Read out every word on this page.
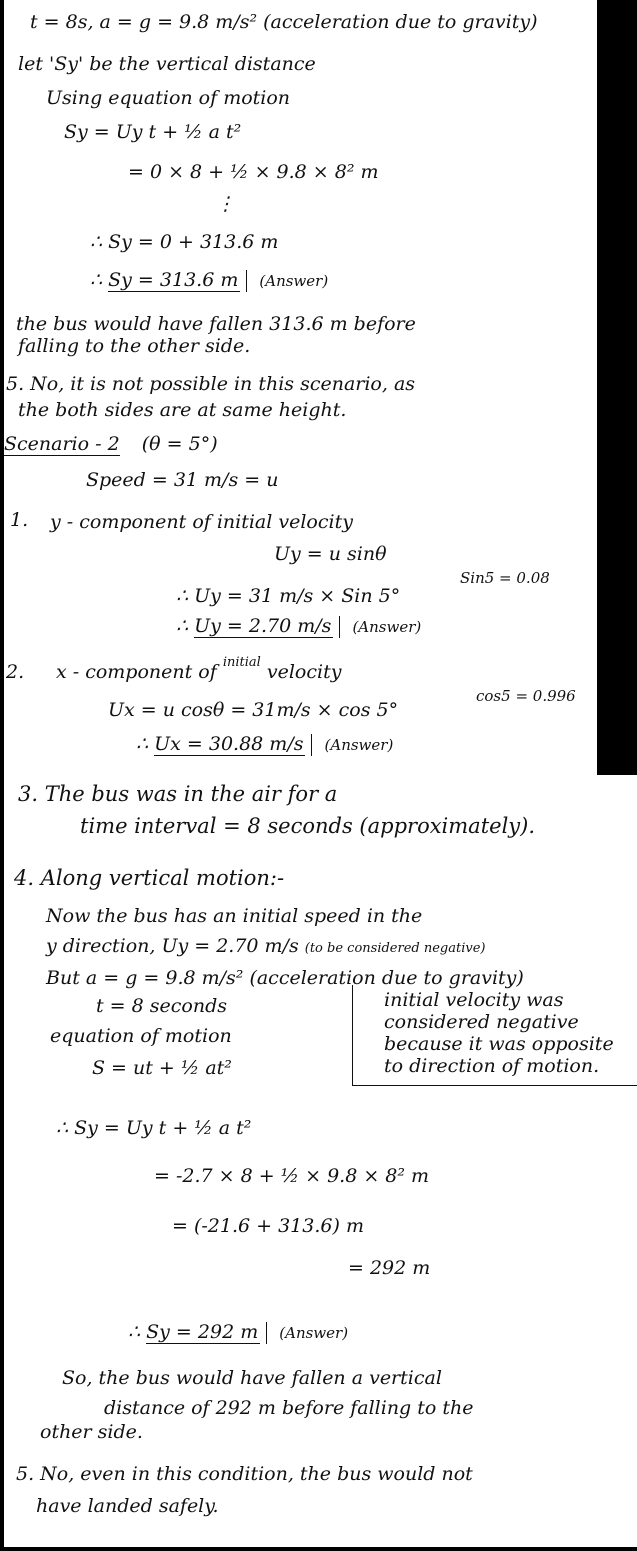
t = 8s, a = g = 9.8 m/s² (acceleration due to gravity)
let 'Sy' be the vertical distance
Using equation of motion
Sy = Uy t + ½ a t²
= 0 × 8 + ½ × 9.8 × 8² m
⋮
∴ Sy = 0 + 313.6 m
∴ Sy = 313.6 m (Answer)
the bus would have fallen 313.6 m before
falling to the other side.
5. No, it is not possible in this scenario, as
the both sides are at same height.
Scenario - 2 (θ = 5°)
Speed = 31 m/s = u
1. y - component of initial velocity
Uy = u sinθ
Sin5 = 0.08
∴ Uy = 31 m/s × Sin 5°
∴ Uy = 2.70 m/s (Answer)
2. x - component of $^{initial}$ velocity
cos5 = 0.996
Ux = u cosθ = 31m/s × cos 5°
∴ Ux = 30.88 m/s (Answer)
3. The bus was in the air for a
time interval = 8 seconds (approximately).
4. Along vertical motion:-
Now the bus has an initial speed in the
y direction, Uy = 2.70 m/s (to be considered negative)
But a = g = 9.8 m/s² (acceleration due to gravity)
t = 8 seconds
equation of motion
S = ut + ½ at²
initial velocity was
considered negative
because it was opposite
to direction of motion.
∴ Sy = Uy t + ½ a t²
= -2.7 × 8 + ½ × 9.8 × 8² m
= (-21.6 + 313.6) m
= 292 m
∴ Sy = 292 m (Answer)
So, the bus would have fallen a vertical
distance of 292 m before falling to the
other side.
5. No, even in this condition, the bus would not
have landed safely.
